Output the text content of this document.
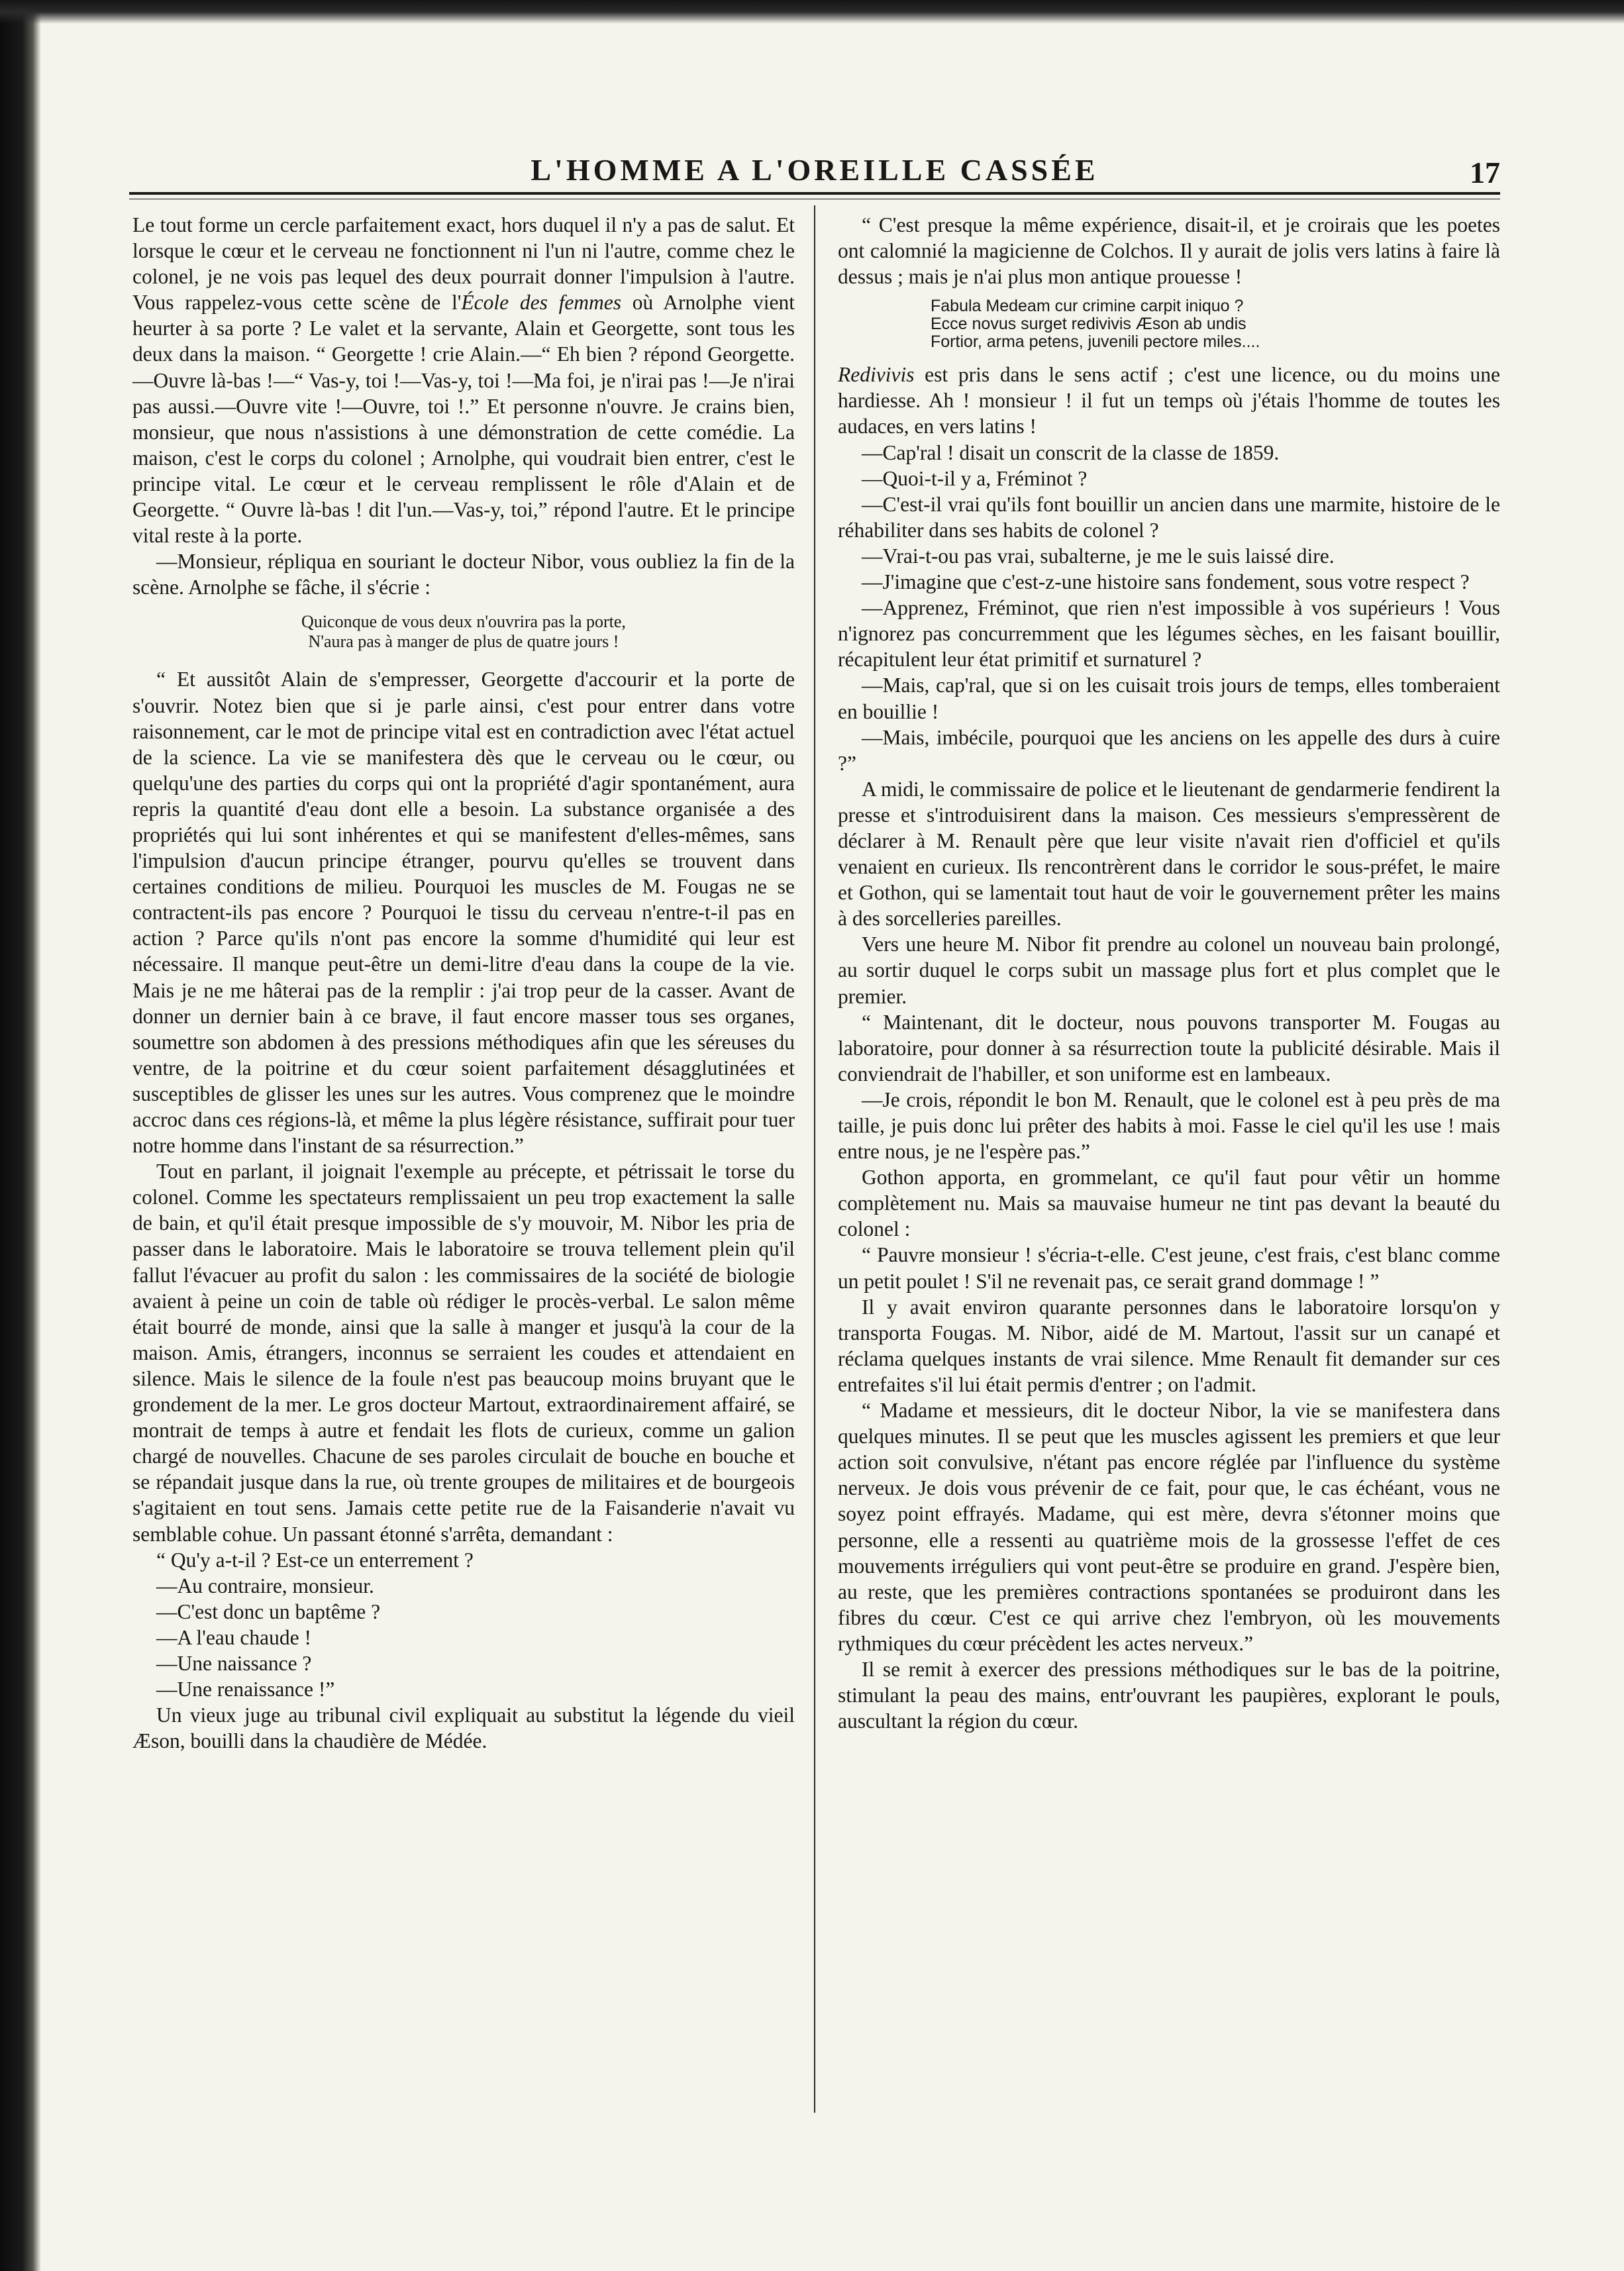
L'HOMME A L'OREILLE CASSÉE	17

Le tout forme un cercle parfaitement exact, hors duquel il n'y a pas de salut. Et lorsque le cœur et le cerveau ne fonctionnent ni l'un ni l'autre, comme chez le colonel, je ne vois pas lequel des deux pourrait donner l'impulsion à l'autre. Vous rappelez-vous cette scène de l'École des femmes où Arnolphe vient heurter à sa porte ? Le valet et la servante, Alain et Georgette, sont tous les deux dans la maison. “ Georgette ! crie Alain.—“ Eh bien ? répond Georgette.—Ouvre là-bas !—“ Vas-y, toi !—Vas-y, toi !—Ma foi, je n'irai pas !—Je n'irai pas aussi.—Ouvre vite !—Ouvre, toi !.” Et personne n'ouvre. Je crains bien, monsieur, que nous n'assistions à une démonstration de cette comédie. La maison, c'est le corps du colonel ; Arnolphe, qui voudrait bien entrer, c'est le principe vital. Le cœur et le cerveau remplissent le rôle d'Alain et de Georgette. “ Ouvre là-bas ! dit l'un.—Vas-y, toi,” répond l'autre. Et le principe vital reste à la porte.

—Monsieur, répliqua en souriant le docteur Nibor, vous oubliez la fin de la scène. Arnolphe se fâche, il s'écrie :

Quiconque de vous deux n'ouvrira pas la porte,
N'aura pas à manger de plus de quatre jours !

“ Et aussitôt Alain de s'empresser, Georgette d'accourir et la porte de s'ouvrir. Notez bien que si je parle ainsi, c'est pour entrer dans votre raisonnement, car le mot de principe vital est en contradiction avec l'état actuel de la science. La vie se manifestera dès que le cerveau ou le cœur, ou quelqu'une des parties du corps qui ont la propriété d'agir spontanément, aura repris la quantité d'eau dont elle a besoin. La substance organisée a des propriétés qui lui sont inhérentes et qui se manifestent d'elles-mêmes, sans l'impulsion d'aucun principe étranger, pourvu qu'elles se trouvent dans certaines conditions de milieu. Pourquoi les muscles de M. Fougas ne se contractent-ils pas encore ? Pourquoi le tissu du cerveau n'entre-t-il pas en action ? Parce qu'ils n'ont pas encore la somme d'humidité qui leur est nécessaire. Il manque peut-être un demi-litre d'eau dans la coupe de la vie. Mais je ne me hâterai pas de la remplir : j'ai trop peur de la casser. Avant de donner un dernier bain à ce brave, il faut encore masser tous ses organes, soumettre son abdomen à des pressions méthodiques afin que les séreuses du ventre, de la poitrine et du cœur soient parfaitement désagglutinées et susceptibles de glisser les unes sur les autres. Vous comprenez que le moindre accroc dans ces régions-là, et même la plus légère résistance, suffirait pour tuer notre homme dans l'instant de sa résurrection.”

Tout en parlant, il joignait l'exemple au précepte, et pétrissait le torse du colonel. Comme les spectateurs remplissaient un peu trop exactement la salle de bain, et qu'il était presque impossible de s'y mouvoir, M. Nibor les pria de passer dans le laboratoire. Mais le laboratoire se trouva tellement plein qu'il fallut l'évacuer au profit du salon : les commissaires de la société de biologie avaient à peine un coin de table où rédiger le procès-verbal. Le salon même était bourré de monde, ainsi que la salle à manger et jusqu'à la cour de la maison. Amis, étrangers, inconnus se serraient les coudes et attendaient en silence. Mais le silence de la foule n'est pas beaucoup moins bruyant que le grondement de la mer. Le gros docteur Martout, extraordinairement affairé, se montrait de temps à autre et fendait les flots de curieux, comme un galion chargé de nouvelles. Chacune de ses paroles circulait de bouche en bouche et se répandait jusque dans la rue, où trente groupes de militaires et de bourgeois s'agitaient en tout sens. Jamais cette petite rue de la Faisanderie n'avait vu semblable cohue. Un passant étonné s'arrêta, demandant :

“ Qu'y a-t-il ? Est-ce un enterrement ?

—Au contraire, monsieur.

—C'est donc un baptême ?

—A l'eau chaude !

—Une naissance ?

—Une renaissance !”

Un vieux juge au tribunal civil expliquait au substitut la légende du vieil Æson, bouilli dans la chaudière de Médée.

“ C'est presque la même expérience, disait-il, et je croirais que les poetes ont calomnié la magicienne de Colchos. Il y aurait de jolis vers latins à faire là dessus ; mais je n'ai plus mon antique prouesse !

Fabula Medeam cur crimine carpit iniquo ?
Ecce novus surget redivivis Æson ab undis
Fortior, arma petens, juvenili pectore miles....

Redivivis est pris dans le sens actif ; c'est une licence, ou du moins une hardiesse. Ah ! monsieur ! il fut un temps où j'étais l'homme de toutes les audaces, en vers latins !

—Cap'ral ! disait un conscrit de la classe de 1859.

—Quoi-t-il y a, Fréminot ?

—C'est-il vrai qu'ils font bouillir un ancien dans une marmite, histoire de le réhabiliter dans ses habits de colonel ?

—Vrai-t-ou pas vrai, subalterne, je me le suis laissé dire.

—J'imagine que c'est-z-une histoire sans fondement, sous votre respect ?

—Apprenez, Fréminot, que rien n'est impossible à vos supérieurs ! Vous n'ignorez pas concurremment que les légumes sèches, en les faisant bouillir, récapitulent leur état primitif et surnaturel ?

—Mais, cap'ral, que si on les cuisait trois jours de temps, elles tomberaient en bouillie !

—Mais, imbécile, pourquoi que les anciens on les appelle des durs à cuire ?”

A midi, le commissaire de police et le lieutenant de gendarmerie fendirent la presse et s'introduisirent dans la maison. Ces messieurs s'empressèrent de déclarer à M. Renault père que leur visite n'avait rien d'officiel et qu'ils venaient en curieux. Ils rencontrèrent dans le corridor le sous-préfet, le maire et Gothon, qui se lamentait tout haut de voir le gouvernement prêter les mains à des sorcelleries pareilles.

Vers une heure M. Nibor fit prendre au colonel un nouveau bain prolongé, au sortir duquel le corps subit un massage plus fort et plus complet que le premier.

“ Maintenant, dit le docteur, nous pouvons transporter M. Fougas au laboratoire, pour donner à sa résurrection toute la publicité désirable. Mais il conviendrait de l'habiller, et son uniforme est en lambeaux.

—Je crois, répondit le bon M. Renault, que le colonel est à peu près de ma taille, je puis donc lui prêter des habits à moi. Fasse le ciel qu'il les use ! mais entre nous, je ne l'espère pas.”

Gothon apporta, en grommelant, ce qu'il faut pour vêtir un homme complètement nu. Mais sa mauvaise humeur ne tint pas devant la beauté du colonel :

“ Pauvre monsieur ! s'écria-t-elle. C'est jeune, c'est frais, c'est blanc comme un petit poulet ! S'il ne revenait pas, ce serait grand dommage ! ”

Il y avait environ quarante personnes dans le laboratoire lorsqu'on y transporta Fougas. M. Nibor, aidé de M. Martout, l'assit sur un canapé et réclama quelques instants de vrai silence. Mme Renault fit demander sur ces entrefaites s'il lui était permis d'entrer ; on l'admit.

“ Madame et messieurs, dit le docteur Nibor, la vie se manifestera dans quelques minutes. Il se peut que les muscles agissent les premiers et que leur action soit convulsive, n'étant pas encore réglée par l'influence du système nerveux. Je dois vous prévenir de ce fait, pour que, le cas échéant, vous ne soyez point effrayés. Madame, qui est mère, devra s'étonner moins que personne, elle a ressenti au quatrième mois de la grossesse l'effet de ces mouvements irréguliers qui vont peut-être se produire en grand. J'espère bien, au reste, que les premières contractions spontanées se produiront dans les fibres du cœur. C'est ce qui arrive chez l'embryon, où les mouvements rythmiques du cœur précèdent les actes nerveux.”

Il se remit à exercer des pressions méthodiques sur le bas de la poitrine, stimulant la peau des mains, entr'ouvrant les paupières, explorant le pouls, auscultant la région du cœur.
